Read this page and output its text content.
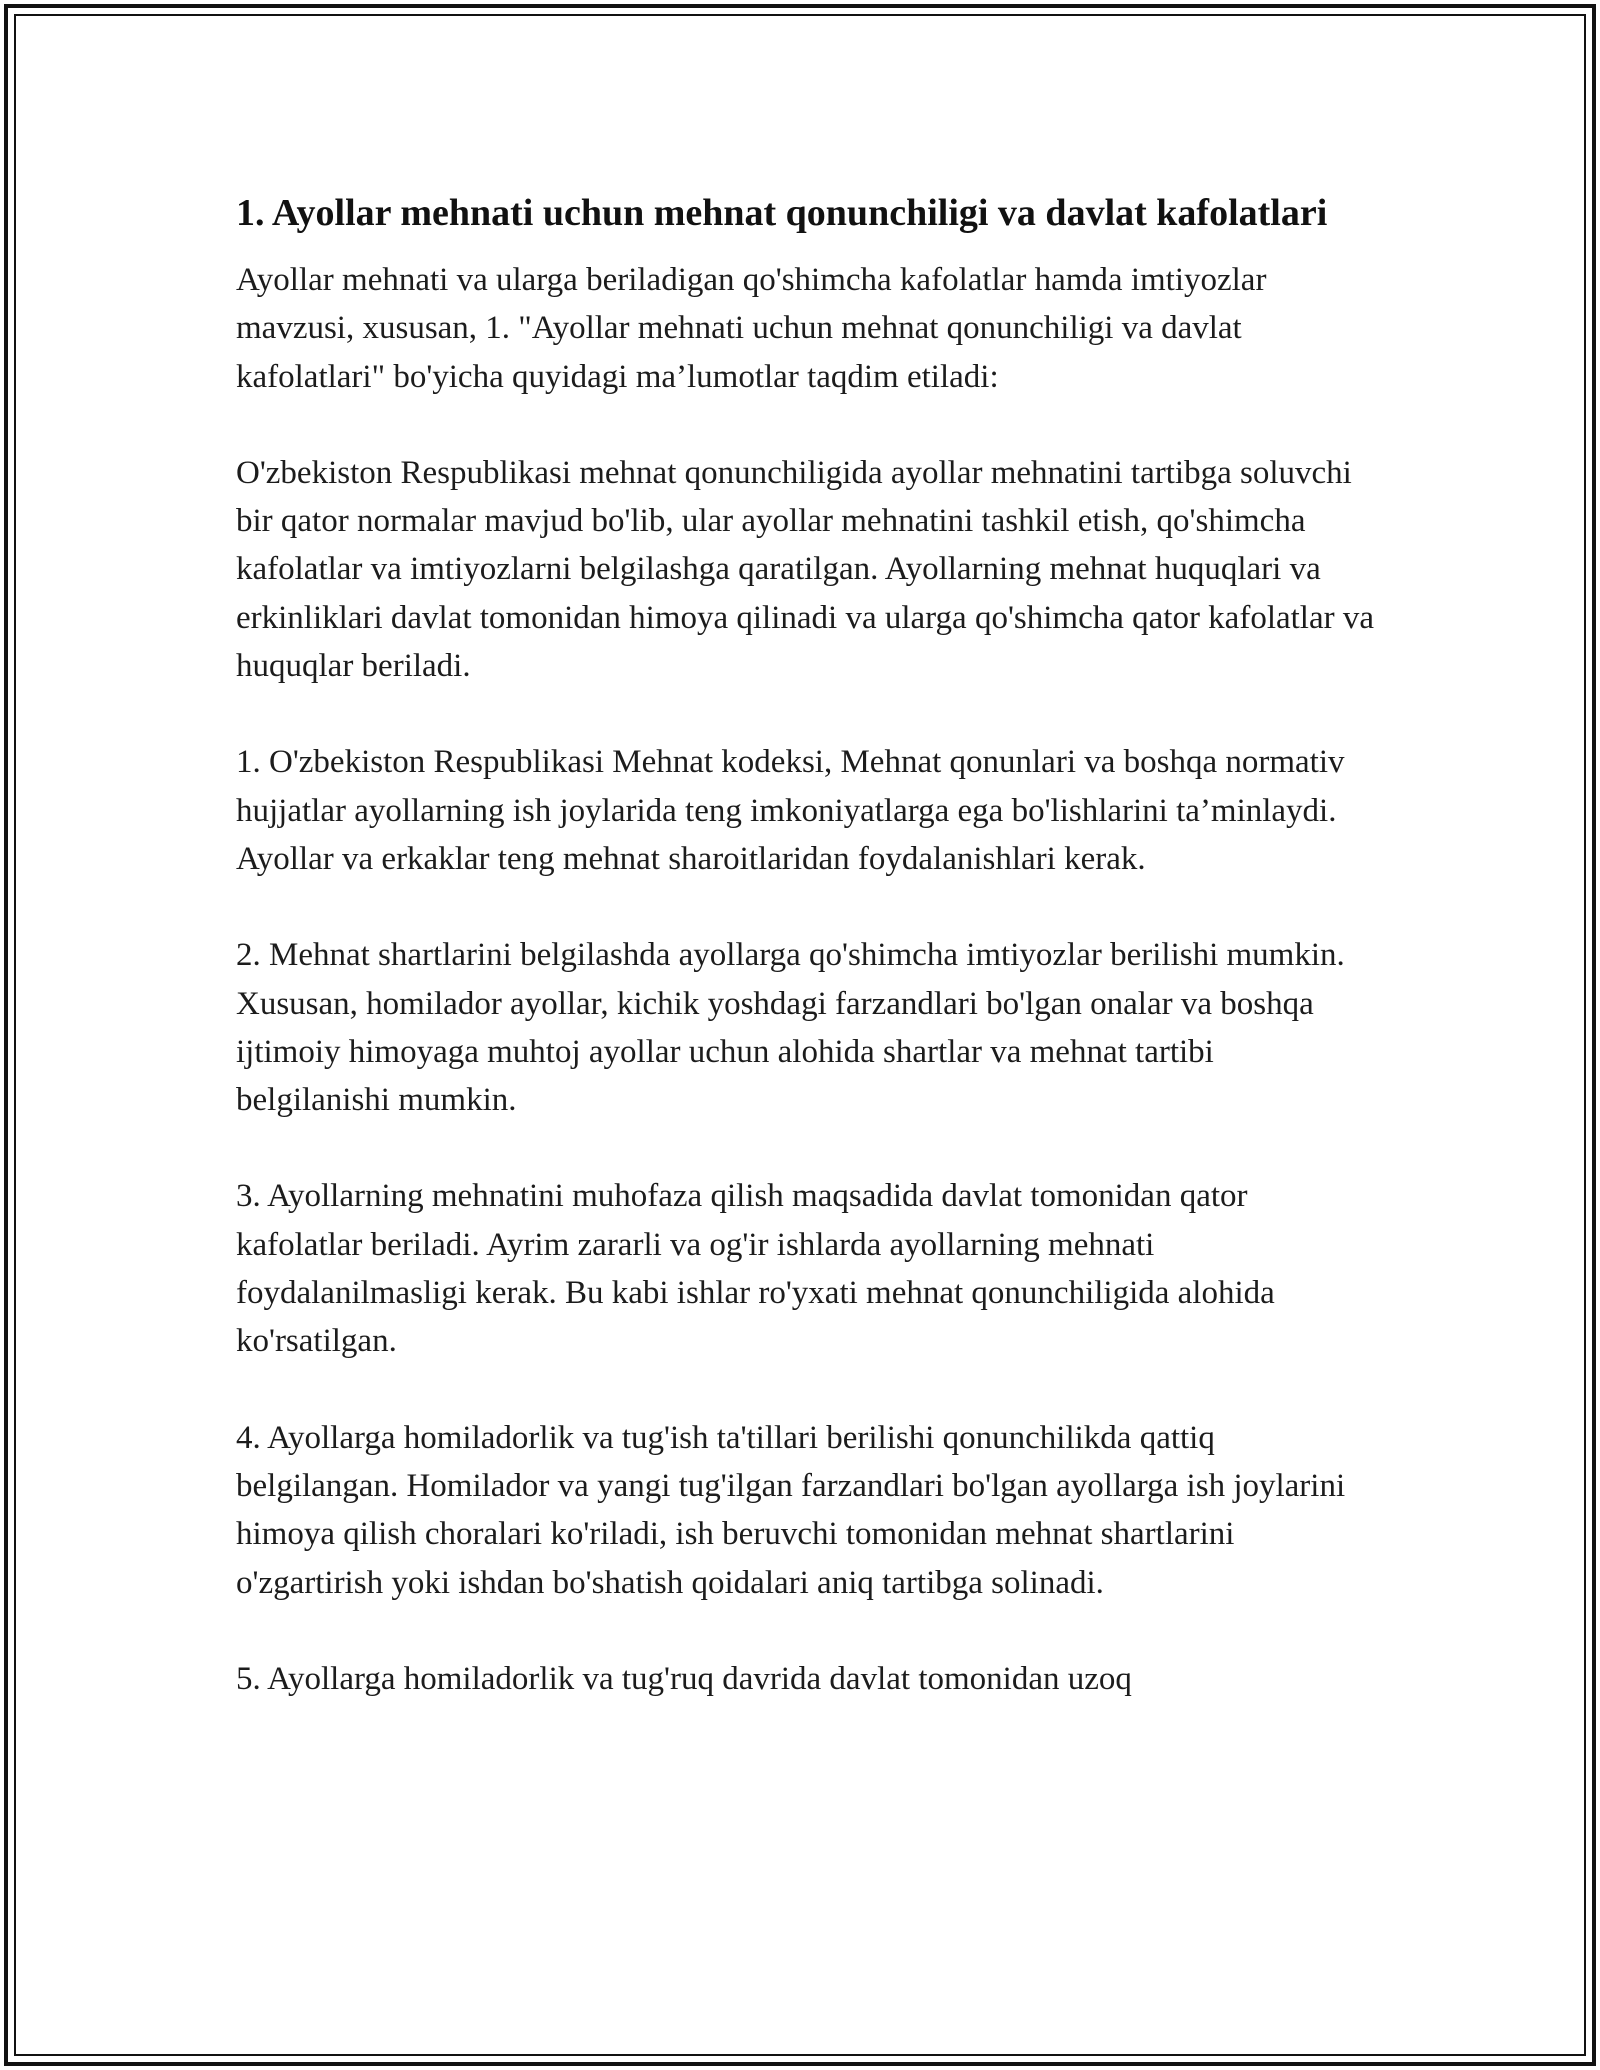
1. Ayollar mehnati uchun mehnat qonunchiligi va davlat kafolatlari

Ayollar mehnati va ularga beriladigan qo'shimcha kafolatlar hamda imtiyozlar mavzusi, xususan, 1. "Ayollar mehnati uchun mehnat qonunchiligi va davlat kafolatlari" bo'yicha quyidagi ma’lumotlar taqdim etiladi:

O'zbekiston Respublikasi mehnat qonunchiligida ayollar mehnatini tartibga soluvchi bir qator normalar mavjud bo'lib, ular ayollar mehnatini tashkil etish, qo'shimcha kafolatlar va imtiyozlarni belgilashga qaratilgan. Ayollarning mehnat huquqlari va erkinliklari davlat tomonidan himoya qilinadi va ularga qo'shimcha qator kafolatlar va huquqlar beriladi.

1. O'zbekiston Respublikasi Mehnat kodeksi, Mehnat qonunlari va boshqa normativ hujjatlar ayollarning ish joylarida teng imkoniyatlarga ega bo'lishlarini ta’minlaydi. Ayollar va erkaklar teng mehnat sharoitlaridan foydalanishlari kerak.

2. Mehnat shartlarini belgilashda ayollarga qo'shimcha imtiyozlar berilishi mumkin. Xususan, homilador ayollar, kichik yoshdagi farzandlari bo'lgan onalar va boshqa ijtimoiy himoyaga muhtoj ayollar uchun alohida shartlar va mehnat tartibi belgilanishi mumkin.

3. Ayollarning mehnatini muhofaza qilish maqsadida davlat tomonidan qator kafolatlar beriladi. Ayrim zararli va og'ir ishlarda ayollarning mehnati foydalanilmasligi kerak. Bu kabi ishlar ro'yxati mehnat qonunchiligida alohida ko'rsatilgan.

4. Ayollarga homiladorlik va tug'ish ta'tillari berilishi qonunchilikda qattiq belgilangan. Homilador va yangi tug'ilgan farzandlari bo'lgan ayollarga ish joylarini himoya qilish choralari ko'riladi, ish beruvchi tomonidan mehnat shartlarini o'zgartirish yoki ishdan bo'shatish qoidalari aniq tartibga solinadi.

5. Ayollarga homiladorlik va tug'ruq davrida davlat tomonidan uzoq
